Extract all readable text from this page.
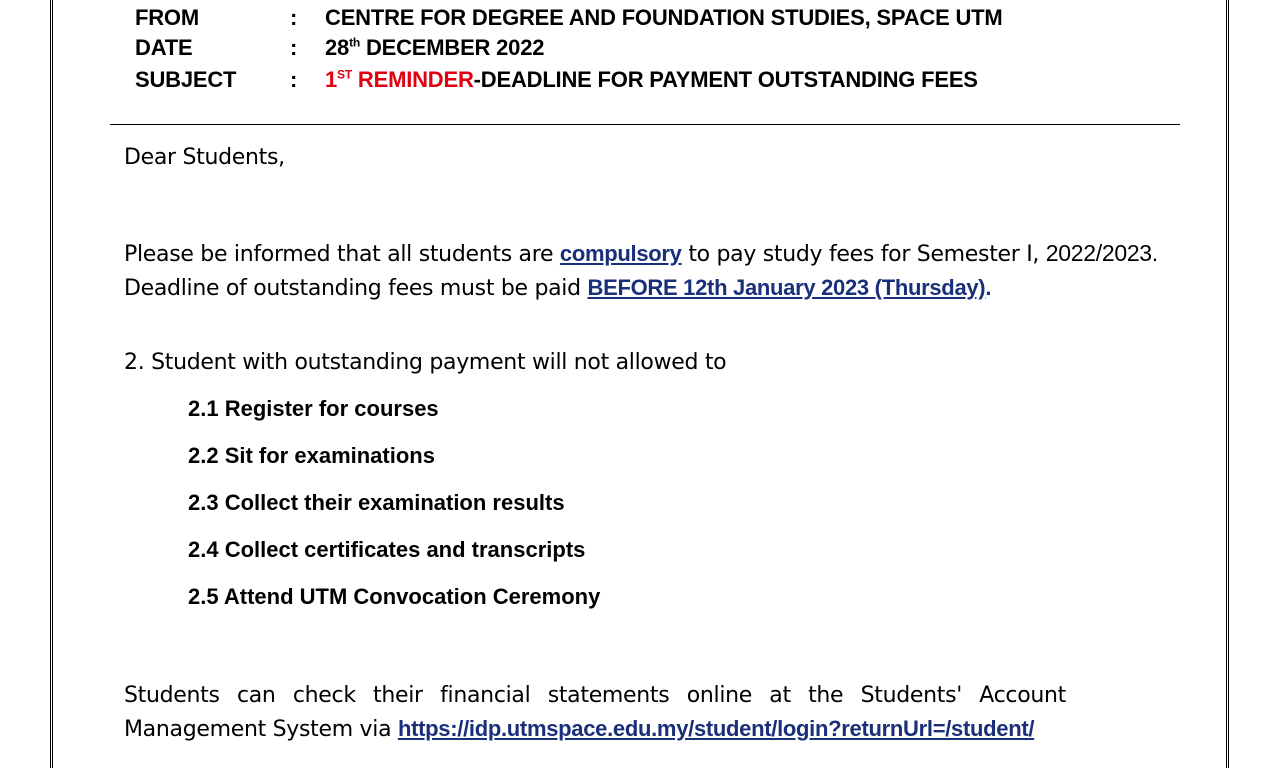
FROM	:	CENTRE FOR DEGREE AND FOUNDATION STUDIES, SPACE UTM
DATE	:	28th DECEMBER 2022
SUBJECT	:	1ST REMINDER-DEADLINE FOR PAYMENT OUTSTANDING FEES
Dear Students,
Please be informed that all students are compulsory to pay study fees for Semester I, 2022/2023.
Deadline of outstanding fees must be paid BEFORE 12th January 2023 (Thursday).
2. Student with outstanding payment will not allowed to
2.1 Register for courses
2.2 Sit for examinations
2.3 Collect their examination results
2.4 Collect certificates and transcripts
2.5 Attend UTM Convocation Ceremony
Students can check their financial statements online at the Students' Account
Management System via https://idp.utmspace.edu.my/student/login?returnUrl=/student/
